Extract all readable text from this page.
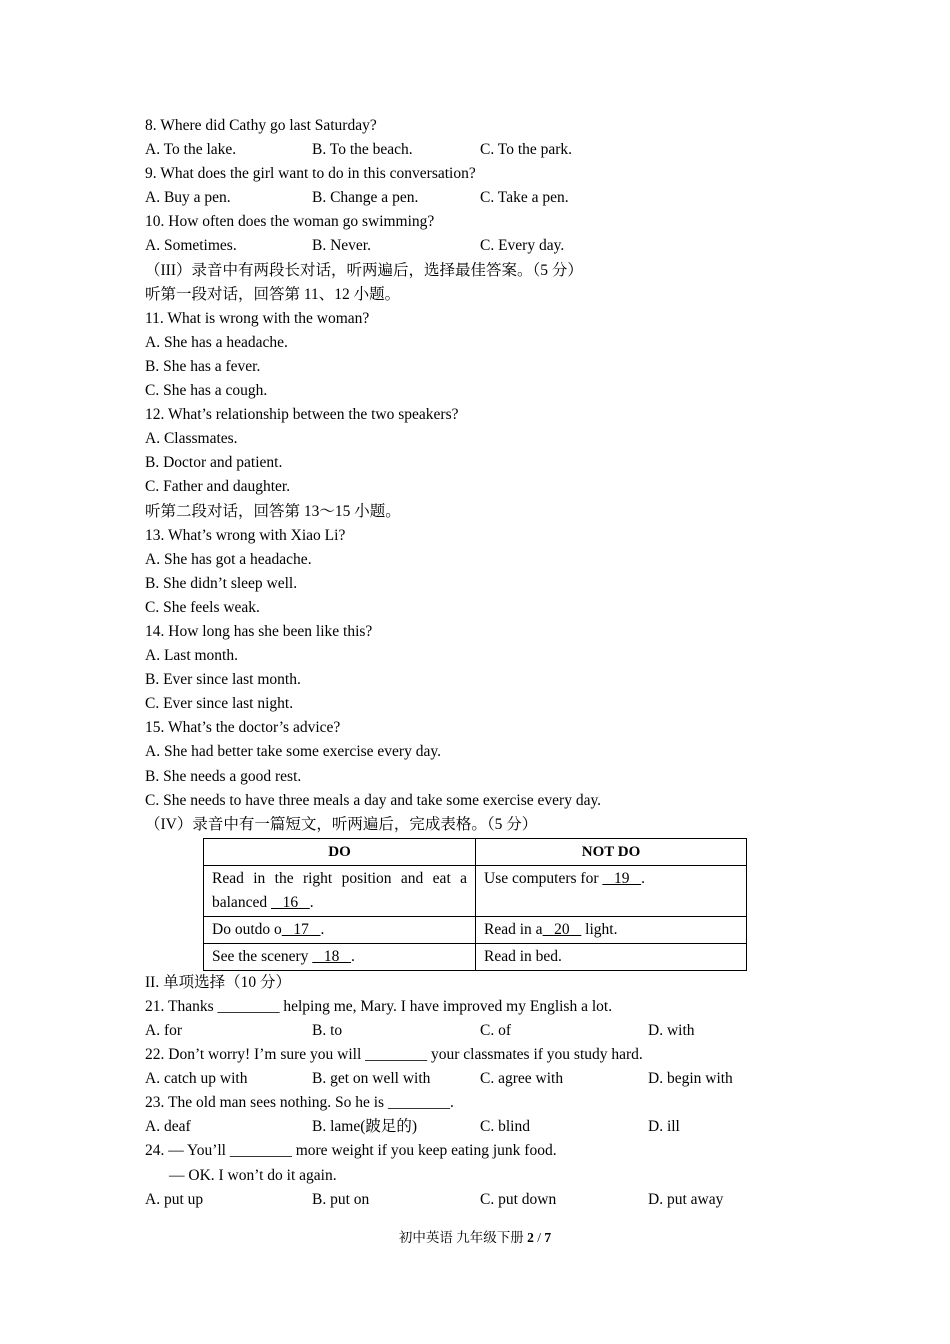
8. Where did Cathy go last Saturday?
A. To the lake.	B. To the beach.	C. To the park.
9. What does the girl want to do in this conversation?
A. Buy a pen.	B. Change a pen.	C. Take a pen.
10. How often does the woman go swimming?
A. Sometimes.	B. Never.	C. Every day.
（III）录音中有两段长对话，听两遍后，选择最佳答案。（5 分）
听第一段对话，回答第 11、12 小题。
11. What is wrong with the woman?
A. She has a headache.
B. She has a fever.
C. She has a cough.
12. What’s relationship between the two speakers?
A. Classmates.
B. Doctor and patient.
C. Father and daughter.
听第二段对话，回答第 13～15 小题。
13. What’s wrong with Xiao Li?
A. She has got a headache.
B. She didn’t sleep well.
C. She feels weak.
14. How long has she been like this?
A. Last month.
B. Ever since last month.
C. Ever since last night.
15. What’s the doctor’s advice?
A. She had better take some exercise every day.
B. She needs a good rest.
C. She needs to have three meals a day and take some exercise every day.
（IV）录音中有一篇短文，听两遍后，完成表格。（5 分）
DO	NOT DO
Read in the right position and eat a balanced    16   .	Use computers for    19   .
Do outdo o   17   .	Read in a   20    light.
See the scenery    18   .	Read in bed.
II. 单项选择（10 分）
21. Thanks ________ helping me, Mary. I have improved my English a lot.
A. for	B. to	C. of	D. with
22. Don’t worry! I’m sure you will ________ your classmates if you study hard.
A. catch up with	B. get on well with	C. agree with	D. begin with
23. The old man sees nothing. So he is ________.
A. deaf	B. lame(跛足的)	C. blind	D. ill
24. — You’ll ________ more weight if you keep eating junk food.
— OK. I won’t do it again.
A. put up	B. put on	C. put down	D. put away
初中英语 九年级下册 2 / 7
